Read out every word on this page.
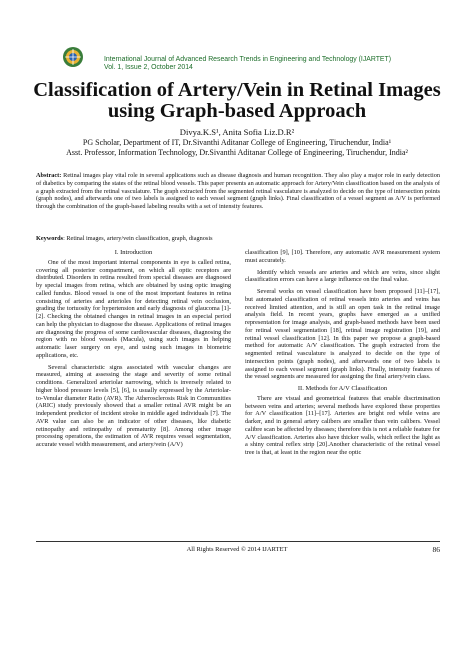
International Journal of Advanced Research Trends in Engineering and Technology (IJARTET)
Vol. 1, Issue 2, October 2014
Classification of Artery/Vein in Retinal Images using Graph-based Approach
Divya.K.S¹, Anita Sofia Liz.D.R²
PG Scholar, Department of IT, Dr.Sivanthi Aditanar College of Engineering, Tiruchendur, India¹
Asst. Professor, Information Technology, Dr.Sivanthi Aditanar College of Engineering, Tiruchendur, India²

Abstract: Retinal images play vital role in several applications such as disease diagnosis and human recognition. They also play a major role in early detection of diabetics by comparing the states of the retinal blood vessels. This paper presents an automatic approach for Artery/Vein classification based on the analysis of a graph extracted from the retinal vasculature. The graph extracted from the segmented retinal vasculature is analyzed to decide on the type of intersection points (graph nodes), and afterwards one of two labels is assigned to each vessel segment (graph links). Final classification of a vessel segment as A/V is performed through the combination of the graph-based labeling results with a set of intensity features.

Keywords: Retinal images, artery/vein classification, graph, diagnosis

I. Introduction

One of the most important internal components in eye is called retina, covering all posterior compartment, on which all optic receptors are distributed. Disorders in retina resulted from special diseases are diagnosed by special images from retina, which are obtained by using optic imaging called fundus. Blood vessel is one of the most important features in retina consisting of arteries and arterioles for detecting retinal vein occlusion, grading the tortuosity for hypertension and early diagnosis of glaucoma [1]-[2]. Checking the obtained changes in retinal images in an especial period can help the physician to diagnose the disease. Applications of retinal images are diagnosing the progress of some cardiovascular diseases, diagnosing the region with no blood vessels (Macula), using such images in helping automatic laser surgery on eye, and using such images in biometric applications, etc.

Several characteristic signs associated with vascular changes are measured, aiming at assessing the stage and severity of some retinal conditions. Generalized arteriolar narrowing, which is inversely related to higher blood pressure levels [5], [6], is usually expressed by the Arteriolar-to-Venular diameter Ratio (AVR). The Atherosclerosis Risk in Communities (ARIC) study previously showed that a smaller retinal AVR might be an independent predictor of incident stroke in middle aged individuals [7]. The AVR value can also be an indicator of other diseases, like diabetic retinopathy and retinopathy of prematurity [8]. Among other image processing operations, the estimation of AVR requires vessel segmentation, accurate vessel width measurement, and artery/vein (A/V)

classification [9], [10]. Therefore, any automatic AVR measurement system must accurately.

Identify which vessels are arteries and which are veins, since slight classification errors can have a large influence on the final value.

Several works on vessel classification have been proposed [11]–[17], but automated classification of retinal vessels into arteries and veins has received limited attention, and is still an open task in the retinal image analysis field. In recent years, graphs have emerged as a unified representation for image analysis, and graph-based methods have been used for retinal vessel segmentation [18], retinal image registration [19], and retinal vessel classification [12]. In this paper we propose a graph-based method for automatic A/V classification. The graph extracted from the segmented retinal vasculature is analyzed to decide on the type of intersection points (graph nodes), and afterwards one of two labels is assigned to each vessel segment (graph links). Finally, intensity features of the vessel segments are measured for assigning the final artery/vein class.

II. Methods for A/V Classification

There are visual and geometrical features that enable discrimination between veins and arteries; several methods have explored these properties for A/V classification [11]–[17]. Arteries are bright red while veins are darker, and in general artery calibers are smaller than vein calibers. Vessel calibre scan be affected by diseases; therefore this is not a reliable feature for A/V classification. Arteries also have thicker walls, which reflect the light as a shiny central reflex strip [20].Another characteristic of the retinal vessel tree is that, at least in the region near the optic

All Rights Reserved © 2014 IJARTET	86
